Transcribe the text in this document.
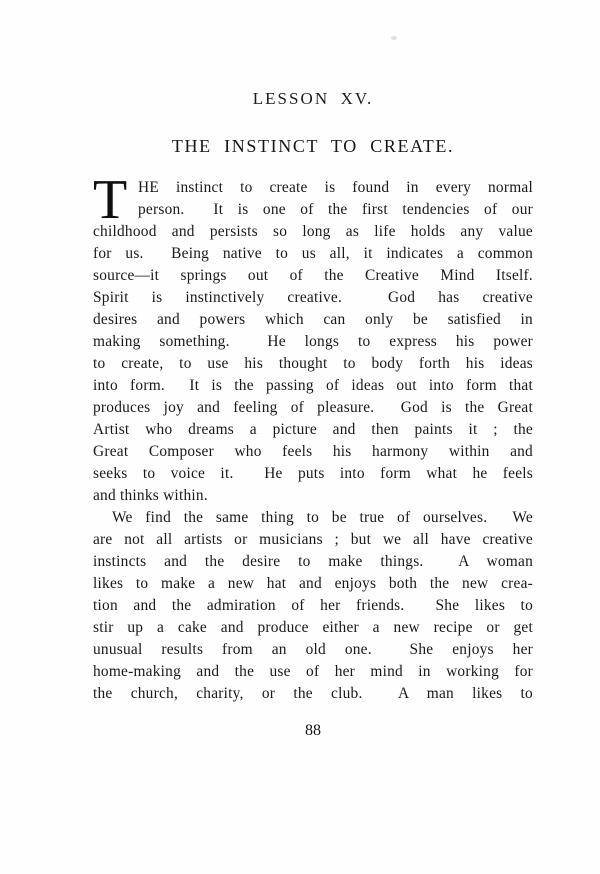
LESSON XV.
THE INSTINCT TO CREATE.
T HE instinct to create is found in every normal
person.  It is one of the first tendencies of our
childhood and persists so long as life holds any value
for us.  Being native to us all, it indicates a common
source—it springs out of the Creative Mind Itself.
Spirit is instinctively creative.  God has creative
desires and powers which can only be satisfied in
making something.  He longs to express his power
to create, to use his thought to body forth his ideas
into form.  It is the passing of ideas out into form that
produces joy and feeling of pleasure.  God is the Great
Artist who dreams a picture and then paints it ; the
Great Composer who feels his harmony within and
seeks to voice it.  He puts into form what he feels
and thinks within.
We find the same thing to be true of ourselves.  We
are not all artists or musicians ; but we all have creative
instincts and the desire to make things.  A woman
likes to make a new hat and enjoys both the new crea-
tion and the admiration of her friends.  She likes to
stir up a cake and produce either a new recipe or get
unusual results from an old one.  She enjoys her
home-making and the use of her mind in working for
the church, charity, or the club.  A man likes to
88
